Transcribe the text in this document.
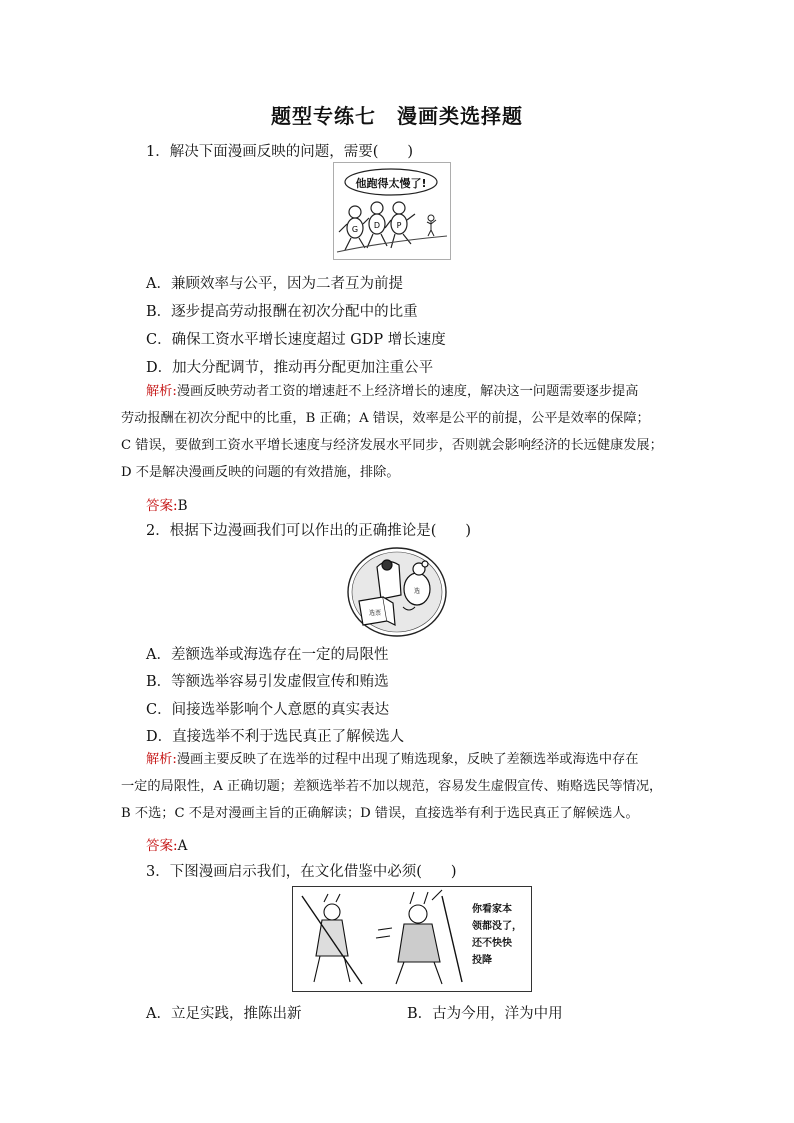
题型专练七　漫画类选择题
1．解决下面漫画反映的问题，需要(　　)
他跑得太慢了!
G D P
A．兼顾效率与公平，因为二者互为前提
B．逐步提高劳动报酬在初次分配中的比重
C．确保工资水平增长速度超过 GDP 增长速度
D．加大分配调节，推动再分配更加注重公平
解析:漫画反映劳动者工资的增速赶不上经济增长的速度，解决这一问题需要逐步提高
劳动报酬在初次分配中的比重，B 正确；A 错误，效率是公平的前提，公平是效率的保障；
C 错误，要做到工资水平增长速度与经济发展水平同步，否则就会影响经济的长远健康发展；
D 不是解决漫画反映的问题的有效措施，排除。
答案:B
2．根据下边漫画我们可以作出的正确推论是(　　)
选票
选
A．差额选举或海选存在一定的局限性
B．等额选举容易引发虚假宣传和贿选
C．间接选举影响个人意愿的真实表达
D．直接选举不利于选民真正了解候选人
解析:漫画主要反映了在选举的过程中出现了贿选现象，反映了差额选举或海选中存在
一定的局限性，A 正确切题；差额选举若不加以规范，容易发生虚假宣传、贿赂选民等情况，
B 不选；C 不是对漫画主旨的正确解读；D 错误，直接选举有利于选民真正了解候选人。
答案:A
3．下图漫画启示我们，在文化借鉴中必须(　　)
你看家本
领都没了，
还不快快
投降
A．立足实践，推陈出新	B．古为今用，洋为中用
